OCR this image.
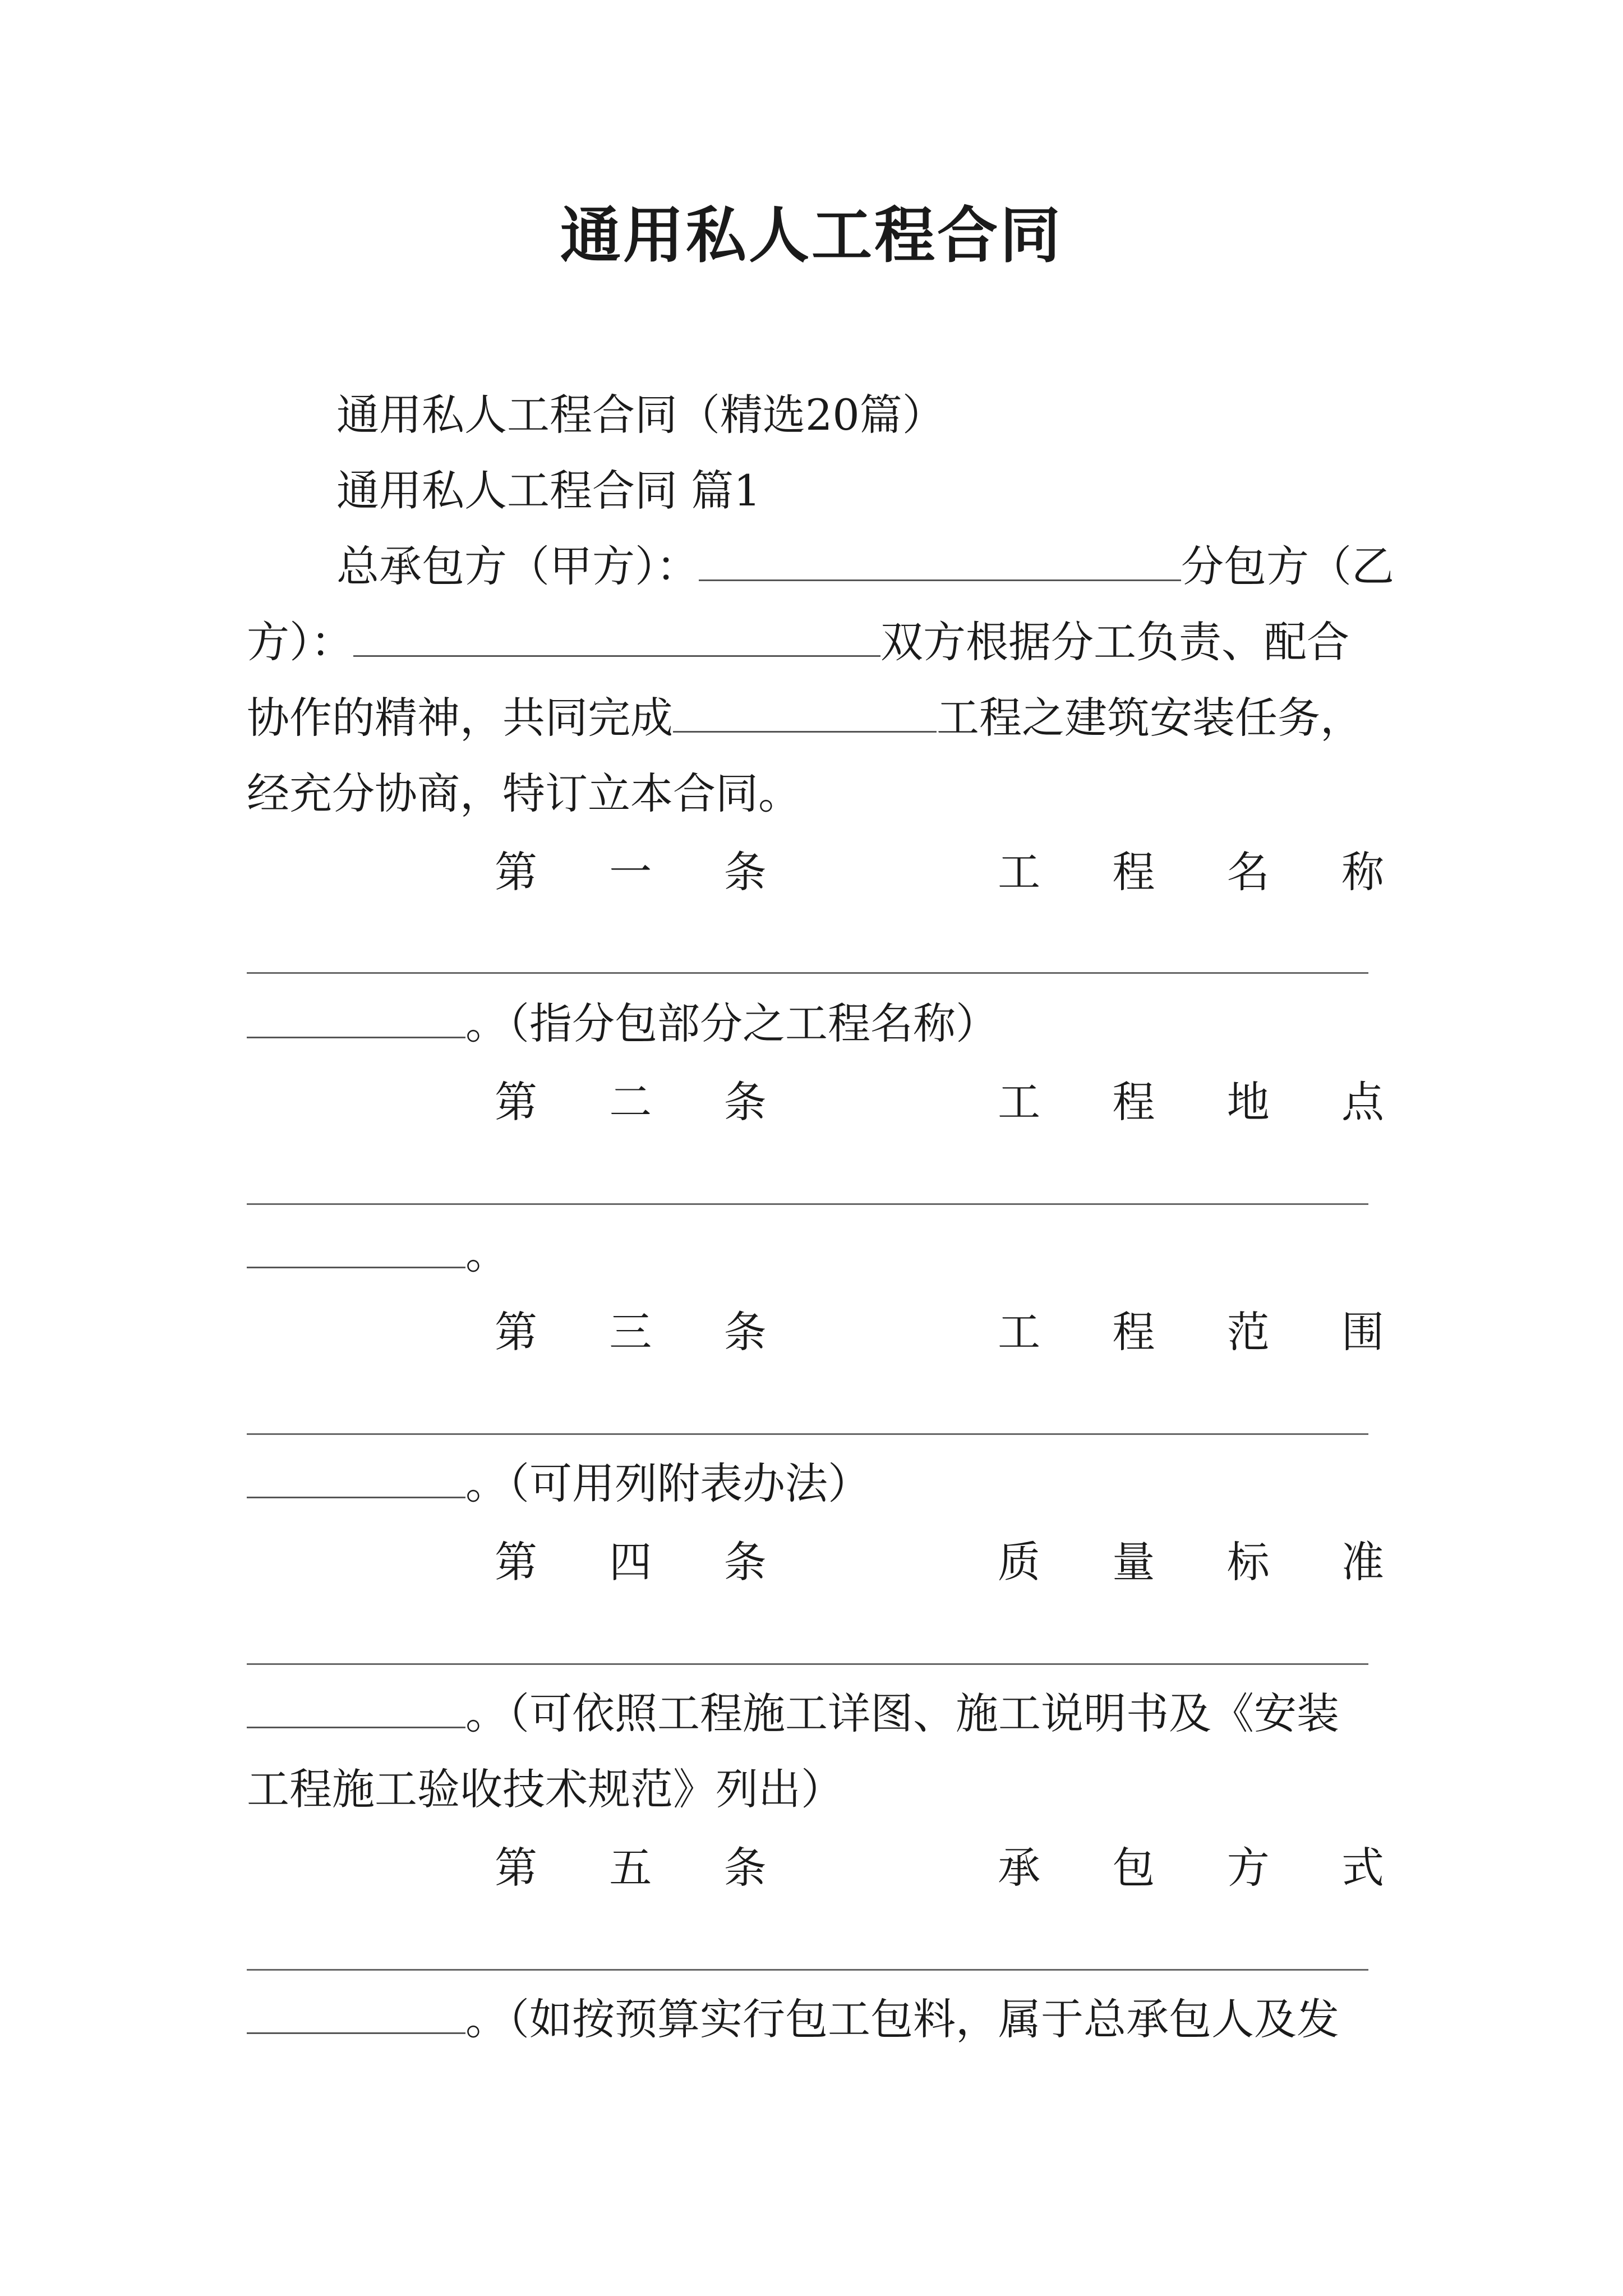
通用私人工程合同
通用私人工程合同（精选20篇）
通用私人工程合同 篇1
总承包方（甲方）：	分包方（乙
方）：	双方根据分工负责、配合
协作的精神，共同完成	工程之建筑安装任务，
经充分协商，特订立本合同。
第 一 条	工 程 名 称
。（指分包部分之工程名称）
第 二 条	工 程 地 点
。
第 三 条	工 程 范 围
。（可用列附表办法）
第 四 条	质 量 标 准
。（可依照工程施工详图、施工说明书及《安装
工程施工验收技术规范》列出）
第 五 条	承 包 方 式
。（如按预算实行包工包料，属于总承包人及发
